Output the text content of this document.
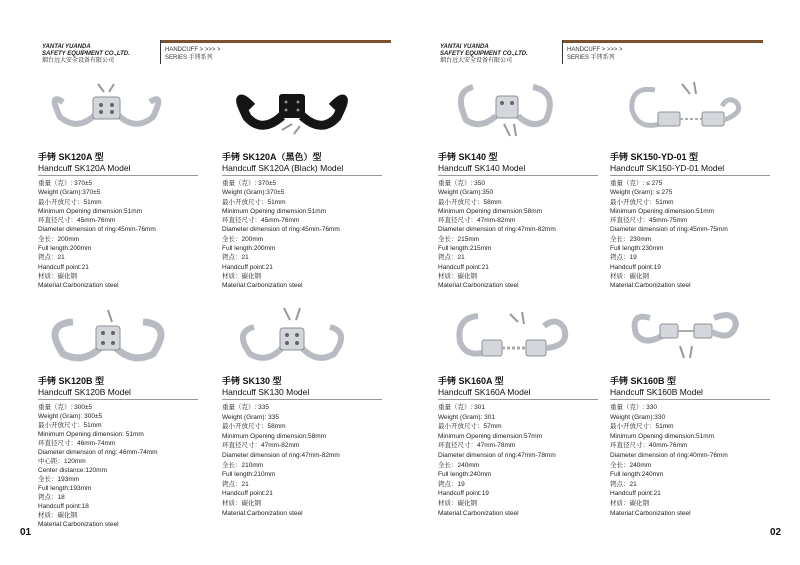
YANTAI YUANDA
SAFETY EQUIPMENT CO.,LTD.
烟台远大安全设备有限公司
HANDCUFF > >>> >
SERIES 手铐系列
手铐 SK120A 型
Handcuff SK120A Model
重量（克）: 370±5
Weight (Gram):370±5
最小开放尺寸：51mm
Minimum Opening dimension:51mm
环直径尺寸：45mm-76mm
Diameter dimension of ring:45mm-76mm
全长：200mm
Full length:200mm
铐点：21
Handcuff point:21
材质：碳化钢
Material:Carbonization steel
手铐 SK120A（黑色）型
Handcuff SK120A (Black) Model
重量（克）: 370±5
Weight (Gram):370±5
最小开放尺寸：51mm
Minimum Opening dimension:51mm
环直径尺寸：45mm-76mm
Diameter dimension of ring:45mm-76mm
全长：200mm
Full length:200mm
铐点：21
Handcuff point:21
材质：碳化钢
Material:Carbonization steel
手铐 SK120B 型
Handcuff SK120B Model
重量（克）: 300±5
Weight (Gram): 300±5
最小开放尺寸：51mm
Minimum Opening dimension: 51mm
环直径尺寸：46mm-74mm
Diameter dimension of ring: 46mm-74mm
中心距：120mm
Center distance:120mm
全长：193mm
Full length:193mm
铐点：18
Handcuff point:18
材质：碳化钢
Material:Carbonization steel
手铐 SK130 型
Handcuff SK130 Model
重量（克）: 335
Weight (Gram): 335
最小开放尺寸：58mm
Minimum Opening dimension:58mm
环直径尺寸：47mm-82mm
Diameter dimension of ring:47mm-82mm
全长：210mm
Full length:210mm
铐点：21
Handcuff point:21
材质：碳化钢
Material:Carbonization steel
01
YANTAI YUANDA
SAFETY EQUIPMENT CO.,LTD.
烟台远大安全设备有限公司
HANDCUFF > >>> >
SERIES 手铐系列
手铐 SK140 型
Handcuff SK140 Model
重量（克）: 350
Weight (Gram):350
最小开放尺寸：58mm
Minimum Opening dimension:58mm
环直径尺寸：47mm-82mm
Diameter dimension of ring:47mm-82mm
全长：215mm
Full length:215mm
铐点：21
Handcuff point:21
材质：碳化钢
Material:Carbonization steel
手铐 SK150-YD-01 型
Handcuff SK150-YD-01 Model
重量（克）: ≤ 275
Weight (Gram): ≤ 275
最小开放尺寸：51mm
Minimum Opening dimension:51mm
环直径尺寸：45mm-75mm
Diameter dimension of ring:45mm-75mm
全长：230mm
Full length:230mm
铐点：19
Handcuff point:19
材质：碳化钢
Material:Carbonization steel
手铐 SK160A 型
Handcuff SK160A Model
重量（克）: 301
Weight (Gram): 301
最小开放尺寸：57mm
Minimum Opening dimension:57mm
环直径尺寸：47mm-78mm
Diameter dimension of ring:47mm-78mm
全长：240mm
Full length:240mm
铐点：19
Handcuff point:19
材质：碳化钢
Material:Carbonization steel
手铐 SK160B 型
Handcuff SK160B Model
重量（克）: 330
Weight (Gram):330
最小开放尺寸：51mm
Minimum Opening dimension:51mm
环直径尺寸：40mm-76mm
Diameter dimension of ring:40mm-76mm
全长：240mm
Full length:240mm
铐点：21
Handcuff point:21
材质：碳化钢
Material:Carbonization steel
02
